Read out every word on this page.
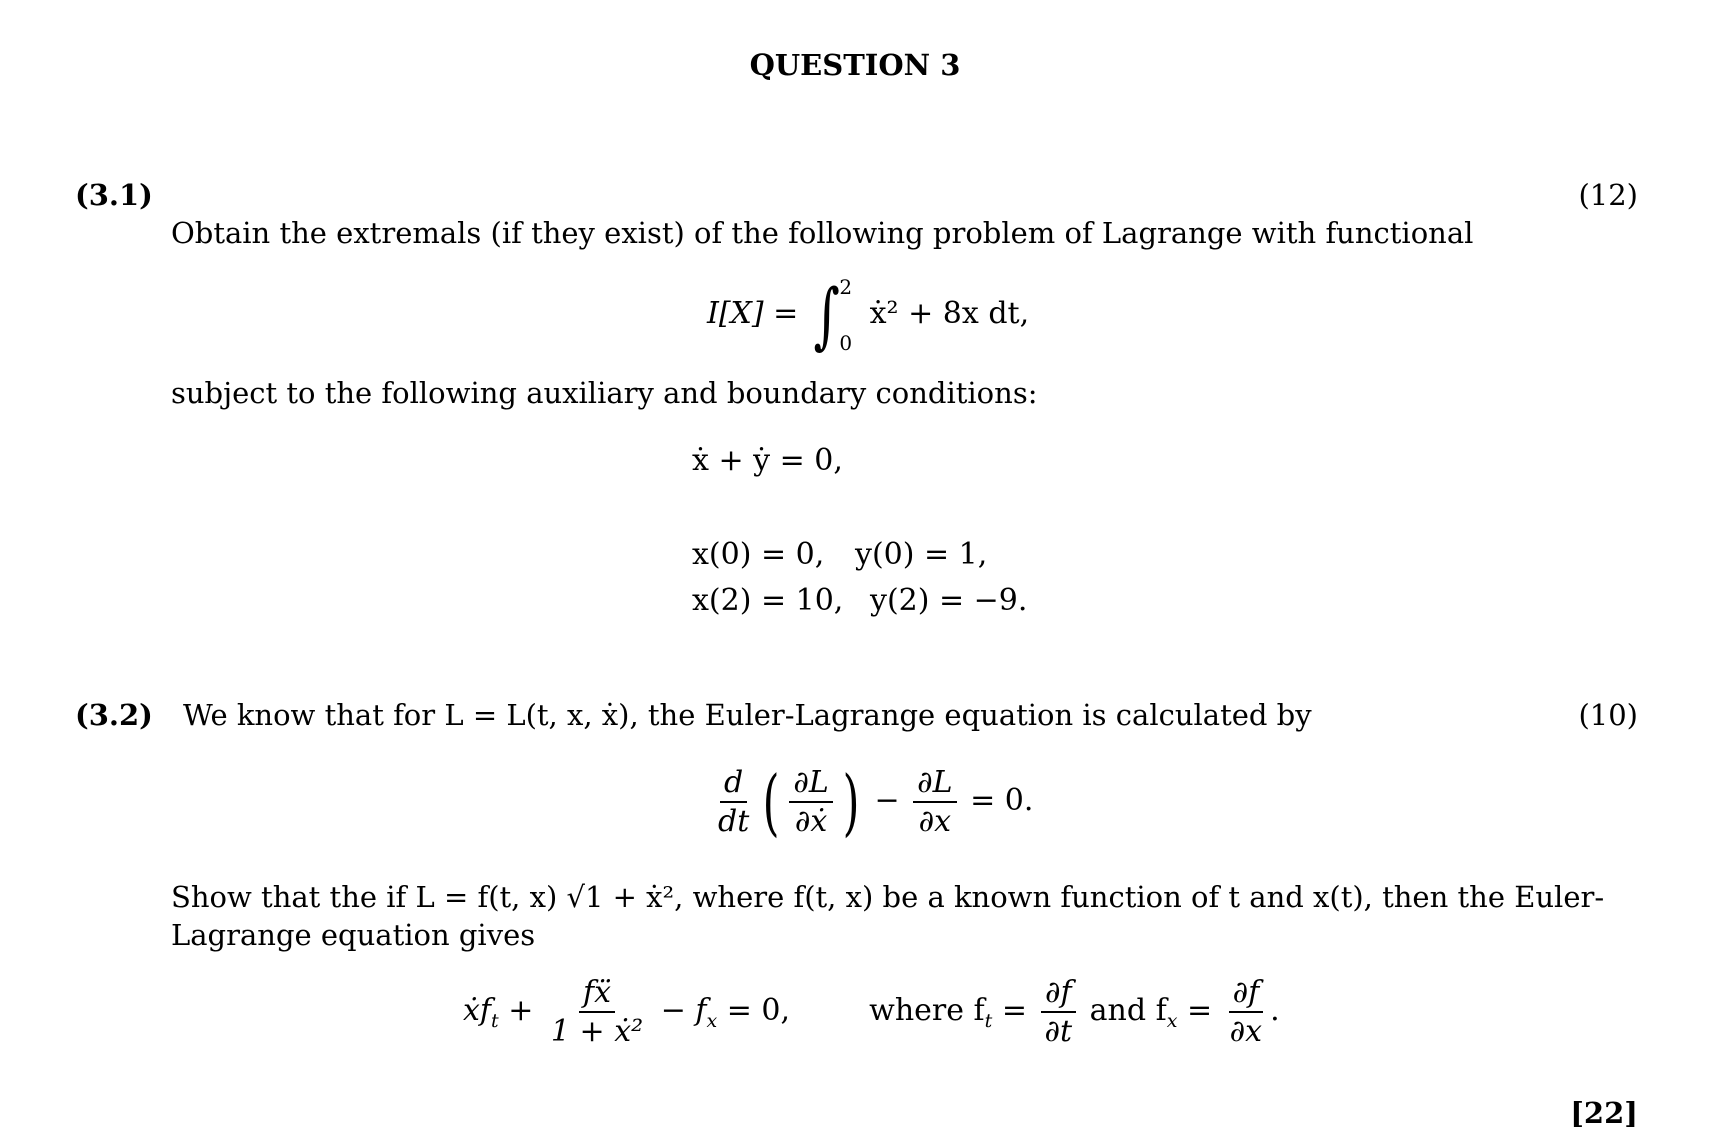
QUESTION 3
(3.1)	(12)
Obtain the extremals (if they exist) of the following problem of Lagrange with functional
I[X] = ∫ 2
0
ẋ² + 8x dt,
subject to the following auxiliary and boundary conditions:
ẋ + ẏ = 0,
x(0) = 0, y(0) = 1,
x(2) = 10, y(2) = −9.
(3.2)	(10)
We know that for L = L(t, x, ẋ), the Euler-Lagrange equation is calculated by
$\frac{d}{dt}$ ( $\frac{\partial L}{\text{∂ẋ}}$ ) − $\frac{\partial L}{\partial x} = 0$.
Show that the if L = f(t, x) √1 + ẋ², where f(t, x) be a known function of t and x(t), then the Euler-
Lagrange equation gives
ẋf$_t$ + $\frac{\text{fẍ}}{\text{1 + ẋ²}} - f_x = 0$,	where $f_t = \frac{\partial f}{\partial t}$ and $f_x = \frac{\partial f}{\partial x}$ .
[22]
